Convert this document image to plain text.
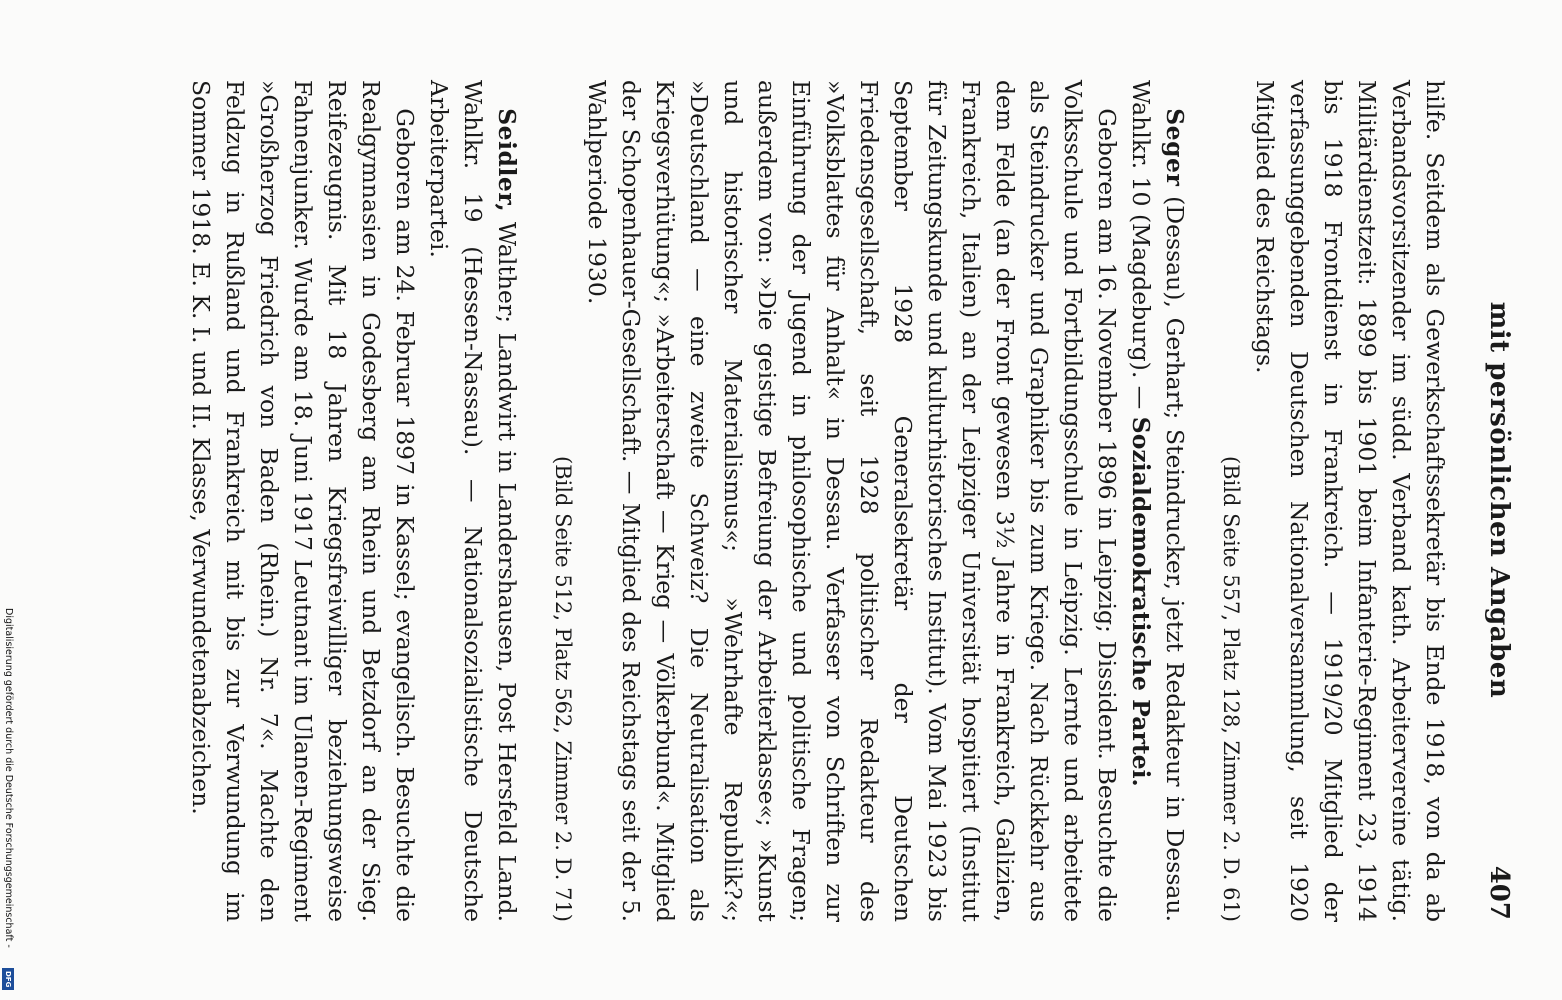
mit persönlichen Angaben
407

hilfe. Seitdem als Gewerkschaftssekretär bis Ende 1918, von da ab Verbandsvorsitzender im südd. Verband kath. Arbeitervereine tätig. Militärdienstzeit: 1899 bis 1901 beim Infanterie-Regiment 23, 1914 bis 1918 Frontdienst in Frankreich. — 1919/20 Mitglied der verfassunggebenden Deutschen Nationalversammlung, seit 1920 Mitglied des Reichstags.

(Bild Seite 557, Platz 128, Zimmer 2. D. 61)

Seger (Dessau), Gerhart; Steindrucker, jetzt Redakteur in Dessau. Wahlkr. 10 (Magdeburg). — Sozialdemokratische Partei.

Geboren am 16. November 1896 in Leipzig; Dissident. Besuchte die Volksschule und Fortbildungsschule in Leipzig. Lernte und arbeitete als Steindrucker und Graphiker bis zum Kriege. Nach Rückkehr aus dem Felde (an der Front gewesen 3½ Jahre in Frankreich, Galizien, Frankreich, Italien) an der Leipziger Universität hospitiert (Institut für Zeitungskunde und kulturhistorisches Institut). Vom Mai 1923 bis September 1928 Generalsekretär der Deutschen Friedensgesellschaft, seit 1928 politischer Redakteur des »Volksblattes für Anhalt« in Dessau. Verfasser von Schriften zur Einführung der Jugend in philosophische und politische Fragen; außerdem von: »Die geistige Befreiung der Arbeiterklasse«; »Kunst und historischer Materialismus«; »Wehrhafte Republik?«; »Deutschland — eine zweite Schweiz? Die Neutralisation als Kriegsverhütung«; »Arbeiterschaft — Krieg — Völkerbund«. Mitglied der Schopenhauer-Gesellschaft. — Mitglied des Reichstags seit der 5. Wahlperiode 1930.

(Bild Seite 512, Platz 562, Zimmer 2. D. 71)

Seidler, Walther; Landwirt in Landershausen, Post Hersfeld Land. Wahlkr. 19 (Hessen-Nassau). — Nationalsozialistische Deutsche Arbeiterpartei.

Geboren am 24. Februar 1897 in Kassel; evangelisch. Besuchte die Realgymnasien in Godesberg am Rhein und Betzdorf an der Sieg. Reifezeugnis. Mit 18 Jahren Kriegsfreiwilliger beziehungsweise Fahnenjunker. Wurde am 18. Juni 1917 Leutnant im Ulanen-Regiment »Großherzog Friedrich von Baden (Rhein.) Nr. 7«. Machte den Feldzug in Rußland und Frankreich mit bis zur Verwundung im Sommer 1918. E. K. I. und II. Klasse, Verwundetenabzeichen.

Digitalisierung gefördert durch die Deutsche Forschungsgemeinschaft -
DFG
